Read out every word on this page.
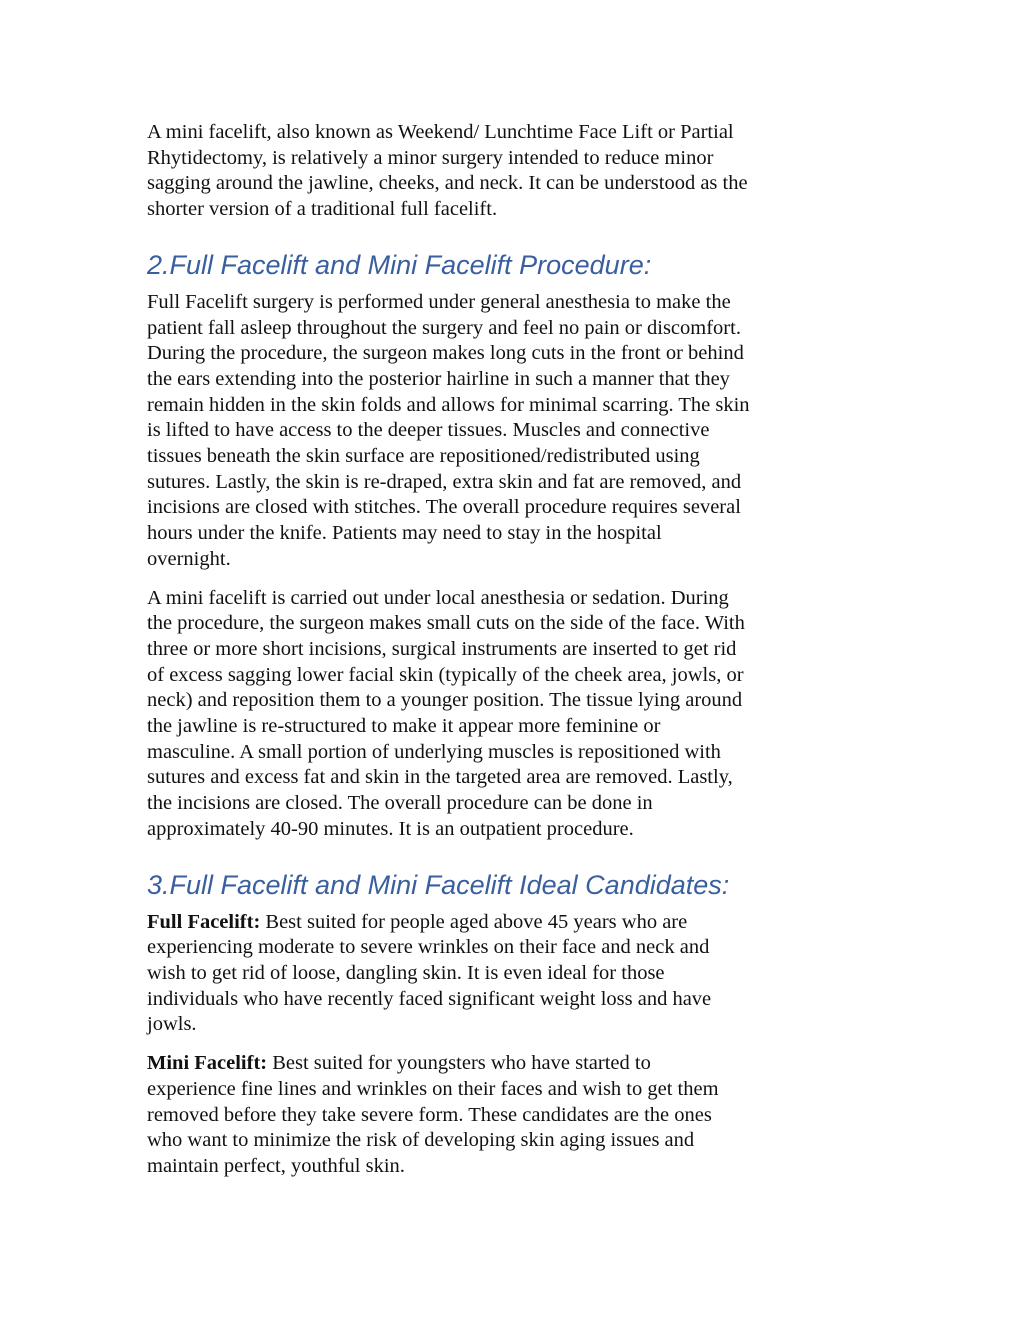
A mini facelift, also known as Weekend/ Lunchtime Face Lift or Partial
Rhytidectomy, is relatively a minor surgery intended to reduce minor
sagging around the jawline, cheeks, and neck. It can be understood as the
shorter version of a traditional full facelift.

2.Full Facelift and Mini Facelift Procedure:

Full Facelift surgery is performed under general anesthesia to make the
patient fall asleep throughout the surgery and feel no pain or discomfort.
During the procedure, the surgeon makes long cuts in the front or behind
the ears extending into the posterior hairline in such a manner that they
remain hidden in the skin folds and allows for minimal scarring. The skin
is lifted to have access to the deeper tissues. Muscles and connective
tissues beneath the skin surface are repositioned/redistributed using
sutures. Lastly, the skin is re-draped, extra skin and fat are removed, and
incisions are closed with stitches. The overall procedure requires several
hours under the knife. Patients may need to stay in the hospital
overnight.

A mini facelift is carried out under local anesthesia or sedation. During
the procedure, the surgeon makes small cuts on the side of the face. With
three or more short incisions, surgical instruments are inserted to get rid
of excess sagging lower facial skin (typically of the cheek area, jowls, or
neck) and reposition them to a younger position. The tissue lying around
the jawline is re-structured to make it appear more feminine or
masculine. A small portion of underlying muscles is repositioned with
sutures and excess fat and skin in the targeted area are removed. Lastly,
the incisions are closed. The overall procedure can be done in
approximately 40-90 minutes. It is an outpatient procedure.

3.Full Facelift and Mini Facelift Ideal Candidates:

Full Facelift: Best suited for people aged above 45 years who are
experiencing moderate to severe wrinkles on their face and neck and
wish to get rid of loose, dangling skin. It is even ideal for those
individuals who have recently faced significant weight loss and have
jowls.

Mini Facelift: Best suited for youngsters who have started to
experience fine lines and wrinkles on their faces and wish to get them
removed before they take severe form. These candidates are the ones
who want to minimize the risk of developing skin aging issues and
maintain perfect, youthful skin.
